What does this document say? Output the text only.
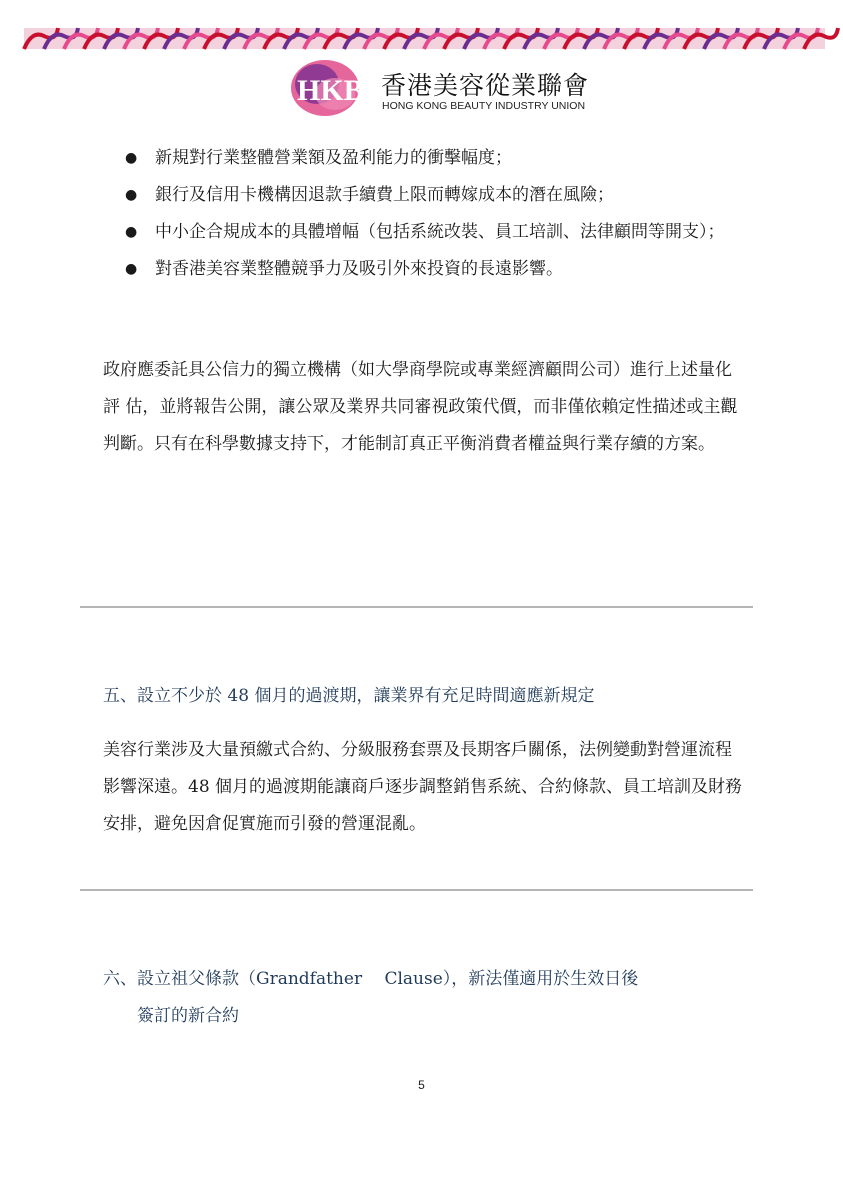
HKBIU
香港美容從業聯會
HONG KONG BEAUTY INDUSTRY UNION
● 新規對行業整體營業額及盈利能力的衝擊幅度；
● 銀行及信用卡機構因退款手續費上限而轉嫁成本的潛在風險；
● 中小企合規成本的具體增幅（包括系統改裝、員工培訓、法律顧問等開支）；
● 對香港美容業整體競爭力及吸引外來投資的長遠影響。

政府應委託具公信力的獨立機構（如大學商學院或專業經濟顧問公司）進行上述量化評 估，並將報告公開，讓公眾及業界共同審視政策代價，而非僅依賴定性描述或主觀判斷。只有在科學數據支持下，才能制訂真正平衡消費者權益與行業存續的方案。

五、設立不少於 48 個月的過渡期，讓業界有充足時間適應新規定

美容行業涉及大量預繳式合約、分級服務套票及長期客戶關係，法例變動對營運流程影響深遠。48 個月的過渡期能讓商戶逐步調整銷售系統、合約條款、員工培訓及財務安排，避免因倉促實施而引發的營運混亂。

六、設立祖父條款（Grandfather　 Clause），新法僅適用於生效日後
簽訂的新合約

5
